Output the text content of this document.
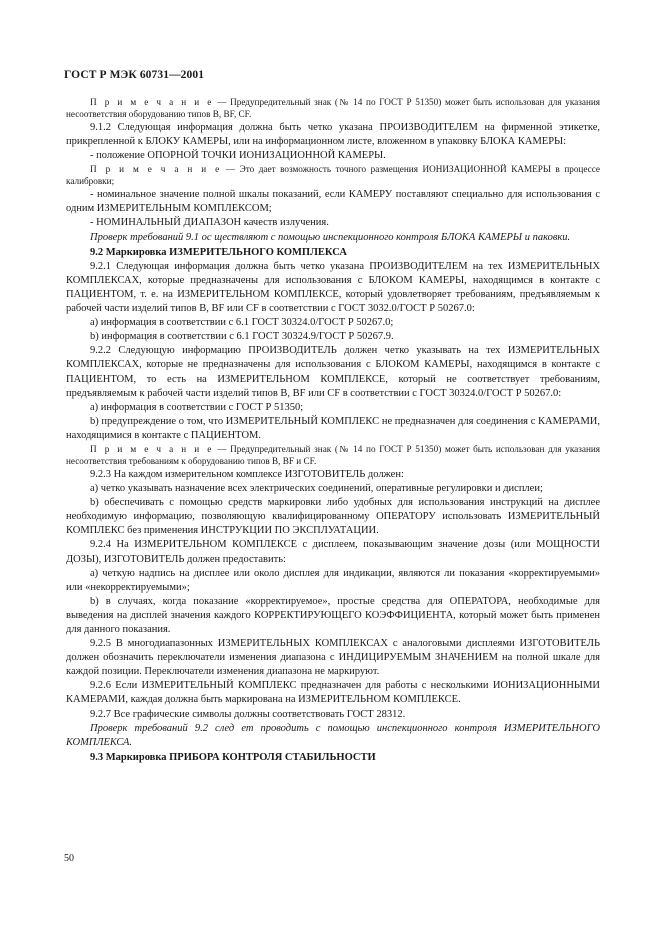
ГОСТ Р МЭК 60731—2001

П р и м е ч а н и е — Предупредительный знак (№ 14 по ГОСТ Р 51350) может быть использован для указания несоответствия оборудованию типов В, BF, CF.

9.1.2 Следующая информация должна быть четко указана ПРОИЗВОДИТЕЛЕМ на фирменной этикетке, прикрепленной к БЛОКУ КАМЕРЫ, или на информационном листе, вложенном в упаковку БЛОКА КАМЕРЫ:

- положение ОПОРНОЙ ТОЧКИ ИОНИЗАЦИОННОЙ КАМЕРЫ.

П р и м е ч а н и е — Это дает возможность точного размещения ИОНИЗАЦИОННОЙ КАМЕРЫ в процессе калибровки;

- номинальное значение полной шкалы показаний, если КАМЕРУ поставляют специально для использования с одним ИЗМЕРИТЕЛЬНЫМ КОМПЛЕКСОМ;

- НОМИНАЛЬНЫЙ ДИАПАЗОН качеств излучения.

Проверк требований 9.1 ос ществляют с помощью инспекционного контроля БЛОКА КАМЕРЫ и паковки.

9.2 Маркировка ИЗМЕРИТЕЛЬНОГО КОМПЛЕКСА

9.2.1 Следующая информация должна быть четко указана ПРОИЗВОДИТЕЛЕМ на тех ИЗМЕРИТЕЛЬНЫХ КОМПЛЕКСАХ, которые предназначены для использования с БЛОКОМ КАМЕРЫ, находящимся в контакте с ПАЦИЕНТОМ, т. е. на ИЗМЕРИТЕЛЬНОМ КОМПЛЕКСЕ, который удовлетворяет требованиям, предъявляемым к рабочей части изделий типов В, BF или CF в соответствии с ГОСТ 3032.0/ГОСТ Р 50267.0:

а) информация в соответствии с 6.1 ГОСТ 30324.0/ГОСТ Р 50267.0;

b) информация в соответствии с 6.1 ГОСТ 30324.9/ГОСТ Р 50267.9.

9.2.2 Следующую информацию ПРОИЗВОДИТЕЛЬ должен четко указывать на тех ИЗМЕРИТЕЛЬНЫХ КОМПЛЕКСАХ, которые не предназначены для использования с БЛОКОМ КАМЕРЫ, находящимся в контакте с ПАЦИЕНТОМ, то есть на ИЗМЕРИТЕЛЬНОМ КОМПЛЕКСЕ, который не соответствует требованиям, предъявляемым к рабочей части изделий типов В, BF или CF в соответствии с ГОСТ 30324.0/ГОСТ Р 50267.0:

а) информация в соответствии с ГОСТ Р 51350;

b) предупреждение о том, что ИЗМЕРИТЕЛЬНЫЙ КОМПЛЕКС не предназначен для соединения с КАМЕРАМИ, находящимися в контакте с ПАЦИЕНТОМ.

П р и м е ч а н и е — Предупредительный знак (№ 14 по ГОСТ Р 51350) может быть использован для указания несоответствия требованиям к оборудованию типов В, BF и CF.

9.2.3 На каждом измерительном комплексе ИЗГОТОВИТЕЛЬ должен:

а) четко указывать назначение всех электрических соединений, оперативные регулировки и дисплеи;

b) обеспечивать с помощью средств маркировки либо удобных для использования инструкций на дисплее необходимую информацию, позволяющую квалифицированному ОПЕРАТОРУ использовать ИЗМЕРИТЕЛЬНЫЙ КОМПЛЕКС без применения ИНСТРУКЦИИ ПО ЭКСПЛУАТАЦИИ.

9.2.4 На ИЗМЕРИТЕЛЬНОМ КОМПЛЕКСЕ с дисплеем, показывающим значение дозы (или МОЩНОСТИ ДОЗЫ), ИЗГОТОВИТЕЛЬ должен предоставить:

а) четкую надпись на дисплее или около дисплея для индикации, являются ли показания «корректируемыми» или «некорректируемыми»;

b) в случаях, когда показание «корректируемое», простые средства для ОПЕРАТОРА, необходимые для выведения на дисплей значения каждого КОРРЕКТИРУЮЩЕГО КОЭФФИЦИЕНТА, который может быть применен для данного показания.

9.2.5 В многодиапазонных ИЗМЕРИТЕЛЬНЫХ КОМПЛЕКСАХ с аналоговыми дисплеями ИЗГОТОВИТЕЛЬ должен обозначить переключатели изменения диапазона с ИНДИЦИРУЕМЫМ ЗНАЧЕНИЕМ на полной шкале для каждой позиции. Переключатели изменения диапазона не маркируют.

9.2.6 Если ИЗМЕРИТЕЛЬНЫЙ КОМПЛЕКС предназначен для работы с несколькими ИОНИЗАЦИОННЫМИ КАМЕРАМИ, каждая должна быть маркирована на ИЗМЕРИТЕЛЬНОМ КОМПЛЕКСЕ.

9.2.7 Все графические символы должны соответствовать ГОСТ 28312.

Проверк требований 9.2 след ет проводить с помощью инспекционного контроля ИЗМЕРИТЕЛЬНОГО КОМПЛЕКСА.

9.3 Маркировка ПРИБОРА КОНТРОЛЯ СТАБИЛЬНОСТИ

50
